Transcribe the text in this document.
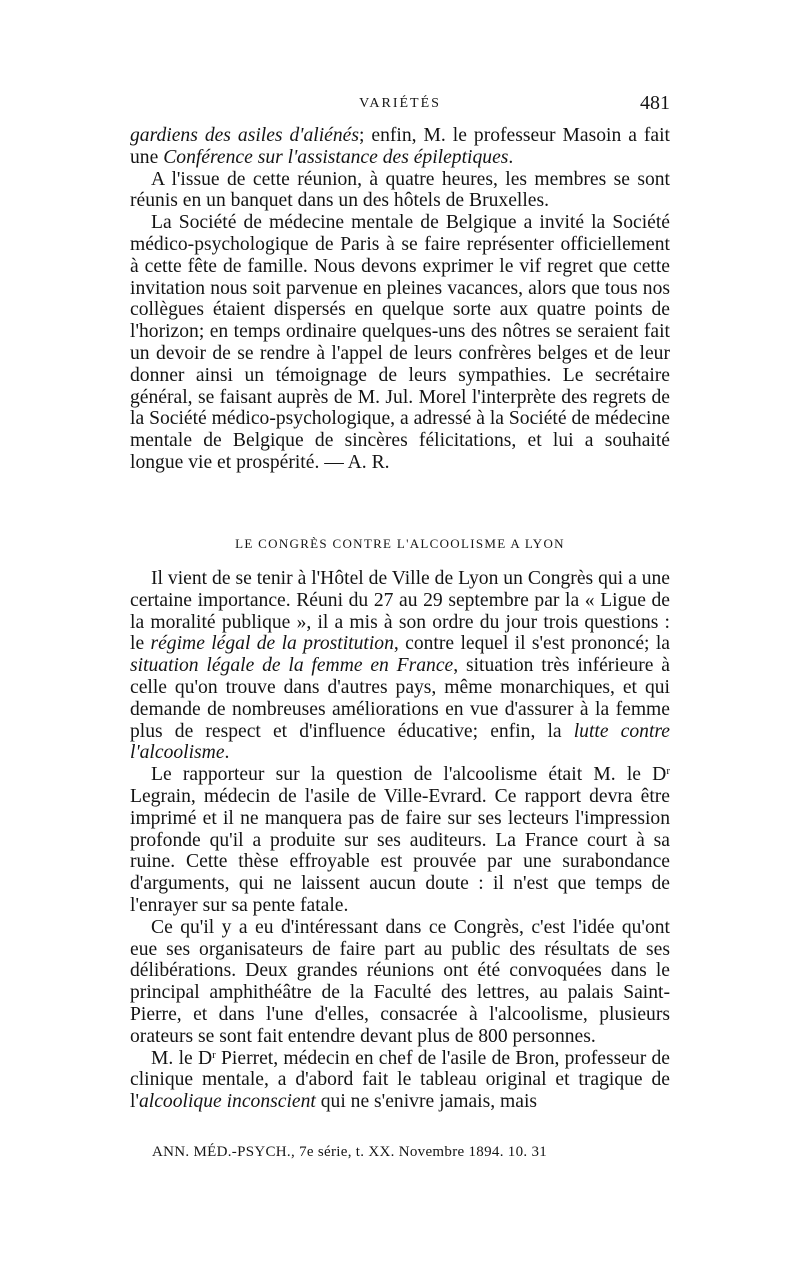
VARIÉTÉS	481

gardiens des asiles d'aliénés; enfin, M. le professeur Masoin a fait une Conférence sur l'assistance des épileptiques.

A l'issue de cette réunion, à quatre heures, les membres se sont réunis en un banquet dans un des hôtels de Bruxelles.

La Société de médecine mentale de Belgique a invité la Société médico-psychologique de Paris à se faire représenter officiellement à cette fête de famille. Nous devons exprimer le vif regret que cette invitation nous soit parvenue en pleines vacances, alors que tous nos collègues étaient dispersés en quelque sorte aux quatre points de l'horizon; en temps ordinaire quelques-uns des nôtres se seraient fait un devoir de se rendre à l'appel de leurs confrères belges et de leur donner ainsi un témoignage de leurs sympathies. Le secrétaire général, se faisant auprès de M. Jul. Morel l'interprète des regrets de la Société médico-psychologique, a adressé à la Société de médecine mentale de Belgique de sincères félicitations, et lui a souhaité longue vie et prospérité. — A. R.

LE CONGRÈS CONTRE L'ALCOOLISME A LYON

Il vient de se tenir à l'Hôtel de Ville de Lyon un Congrès qui a une certaine importance. Réuni du 27 au 29 septembre par la « Ligue de la moralité publique », il a mis à son ordre du jour trois questions : le régime légal de la prostitution, contre lequel il s'est prononcé; la situation légale de la femme en France, situation très inférieure à celle qu'on trouve dans d'autres pays, même monarchiques, et qui demande de nombreuses améliorations en vue d'assurer à la femme plus de respect et d'influence éducative; enfin, la lutte contre l'alcoolisme.

Le rapporteur sur la question de l'alcoolisme était M. le $D^r$ Legrain, médecin de l'asile de Ville-Evrard. Ce rapport devra être imprimé et il ne manquera pas de faire sur ses lecteurs l'impression profonde qu'il a produite sur ses auditeurs. La France court à sa ruine. Cette thèse effroyable est prouvée par une surabondance d'arguments, qui ne laissent aucun doute : il n'est que temps de l'enrayer sur sa pente fatale.

Ce qu'il y a eu d'intéressant dans ce Congrès, c'est l'idée qu'ont eue ses organisateurs de faire part au public des résultats de ses délibérations. Deux grandes réunions ont été convoquées dans le principal amphithéâtre de la Faculté des lettres, au palais Saint-Pierre, et dans l'une d'elles, consacrée à l'alcoolisme, plusieurs orateurs se sont fait entendre devant plus de 800 personnes.

M. le $D^r$ Pierret, médecin en chef de l'asile de Bron, professeur de clinique mentale, a d'abord fait le tableau original et tragique de l'alcoolique inconscient qui ne s'enivre jamais, mais

ANN. MÉD.-PSYCH., 7e série, t. XX. Novembre 1894. 10. 31
